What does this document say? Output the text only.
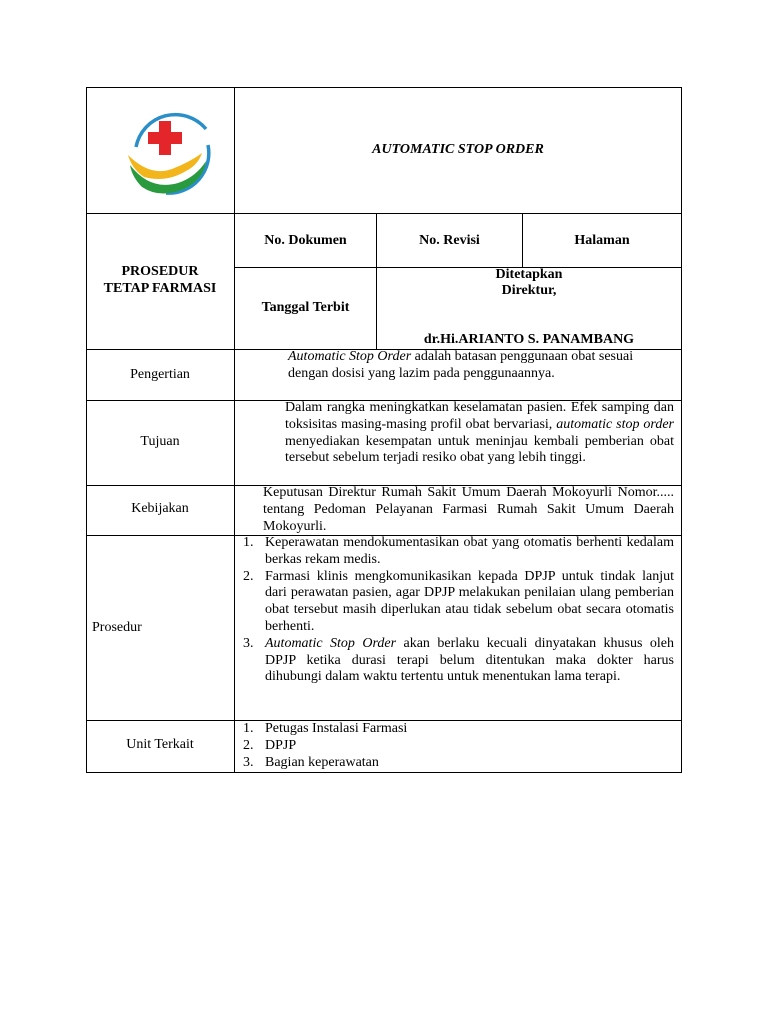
AUTOMATIC STOP ORDER
PROSEDUR
TETAP FARMASI
No. Dokumen	No. Revisi	Halaman
Tanggal Terbit
Ditetapkan
Direktur,
dr.Hi.ARIANTO S. PANAMBANG
Pengertian
Automatic Stop Order adalah batasan penggunaan obat sesuai dengan dosisi yang lazim pada penggunaannya.
Tujuan
Dalam rangka meningkatkan keselamatan pasien. Efek samping dan toksisitas masing-masing profil obat bervariasi, automatic stop order menyediakan kesempatan untuk meninjau kembali pemberian obat tersebut sebelum terjadi resiko obat yang lebih tinggi.
Kebijakan
Keputusan Direktur Rumah Sakit Umum Daerah Mokoyurli Nomor..... tentang Pedoman Pelayanan Farmasi Rumah Sakit Umum Daerah Mokoyurli.
Prosedur
1. Keperawatan mendokumentasikan obat yang otomatis berhenti kedalam berkas rekam medis.
2. Farmasi klinis mengkomunikasikan kepada DPJP untuk tindak lanjut dari perawatan pasien, agar DPJP melakukan penilaian ulang pemberian obat tersebut masih diperlukan atau tidak sebelum obat secara otomatis berhenti.
3. Automatic Stop Order akan berlaku kecuali dinyatakan khusus oleh DPJP ketika durasi terapi belum ditentukan maka dokter harus dihubungi dalam waktu tertentu untuk menentukan lama terapi.
Unit Terkait
1. Petugas Instalasi Farmasi
2. DPJP
3. Bagian keperawatan
